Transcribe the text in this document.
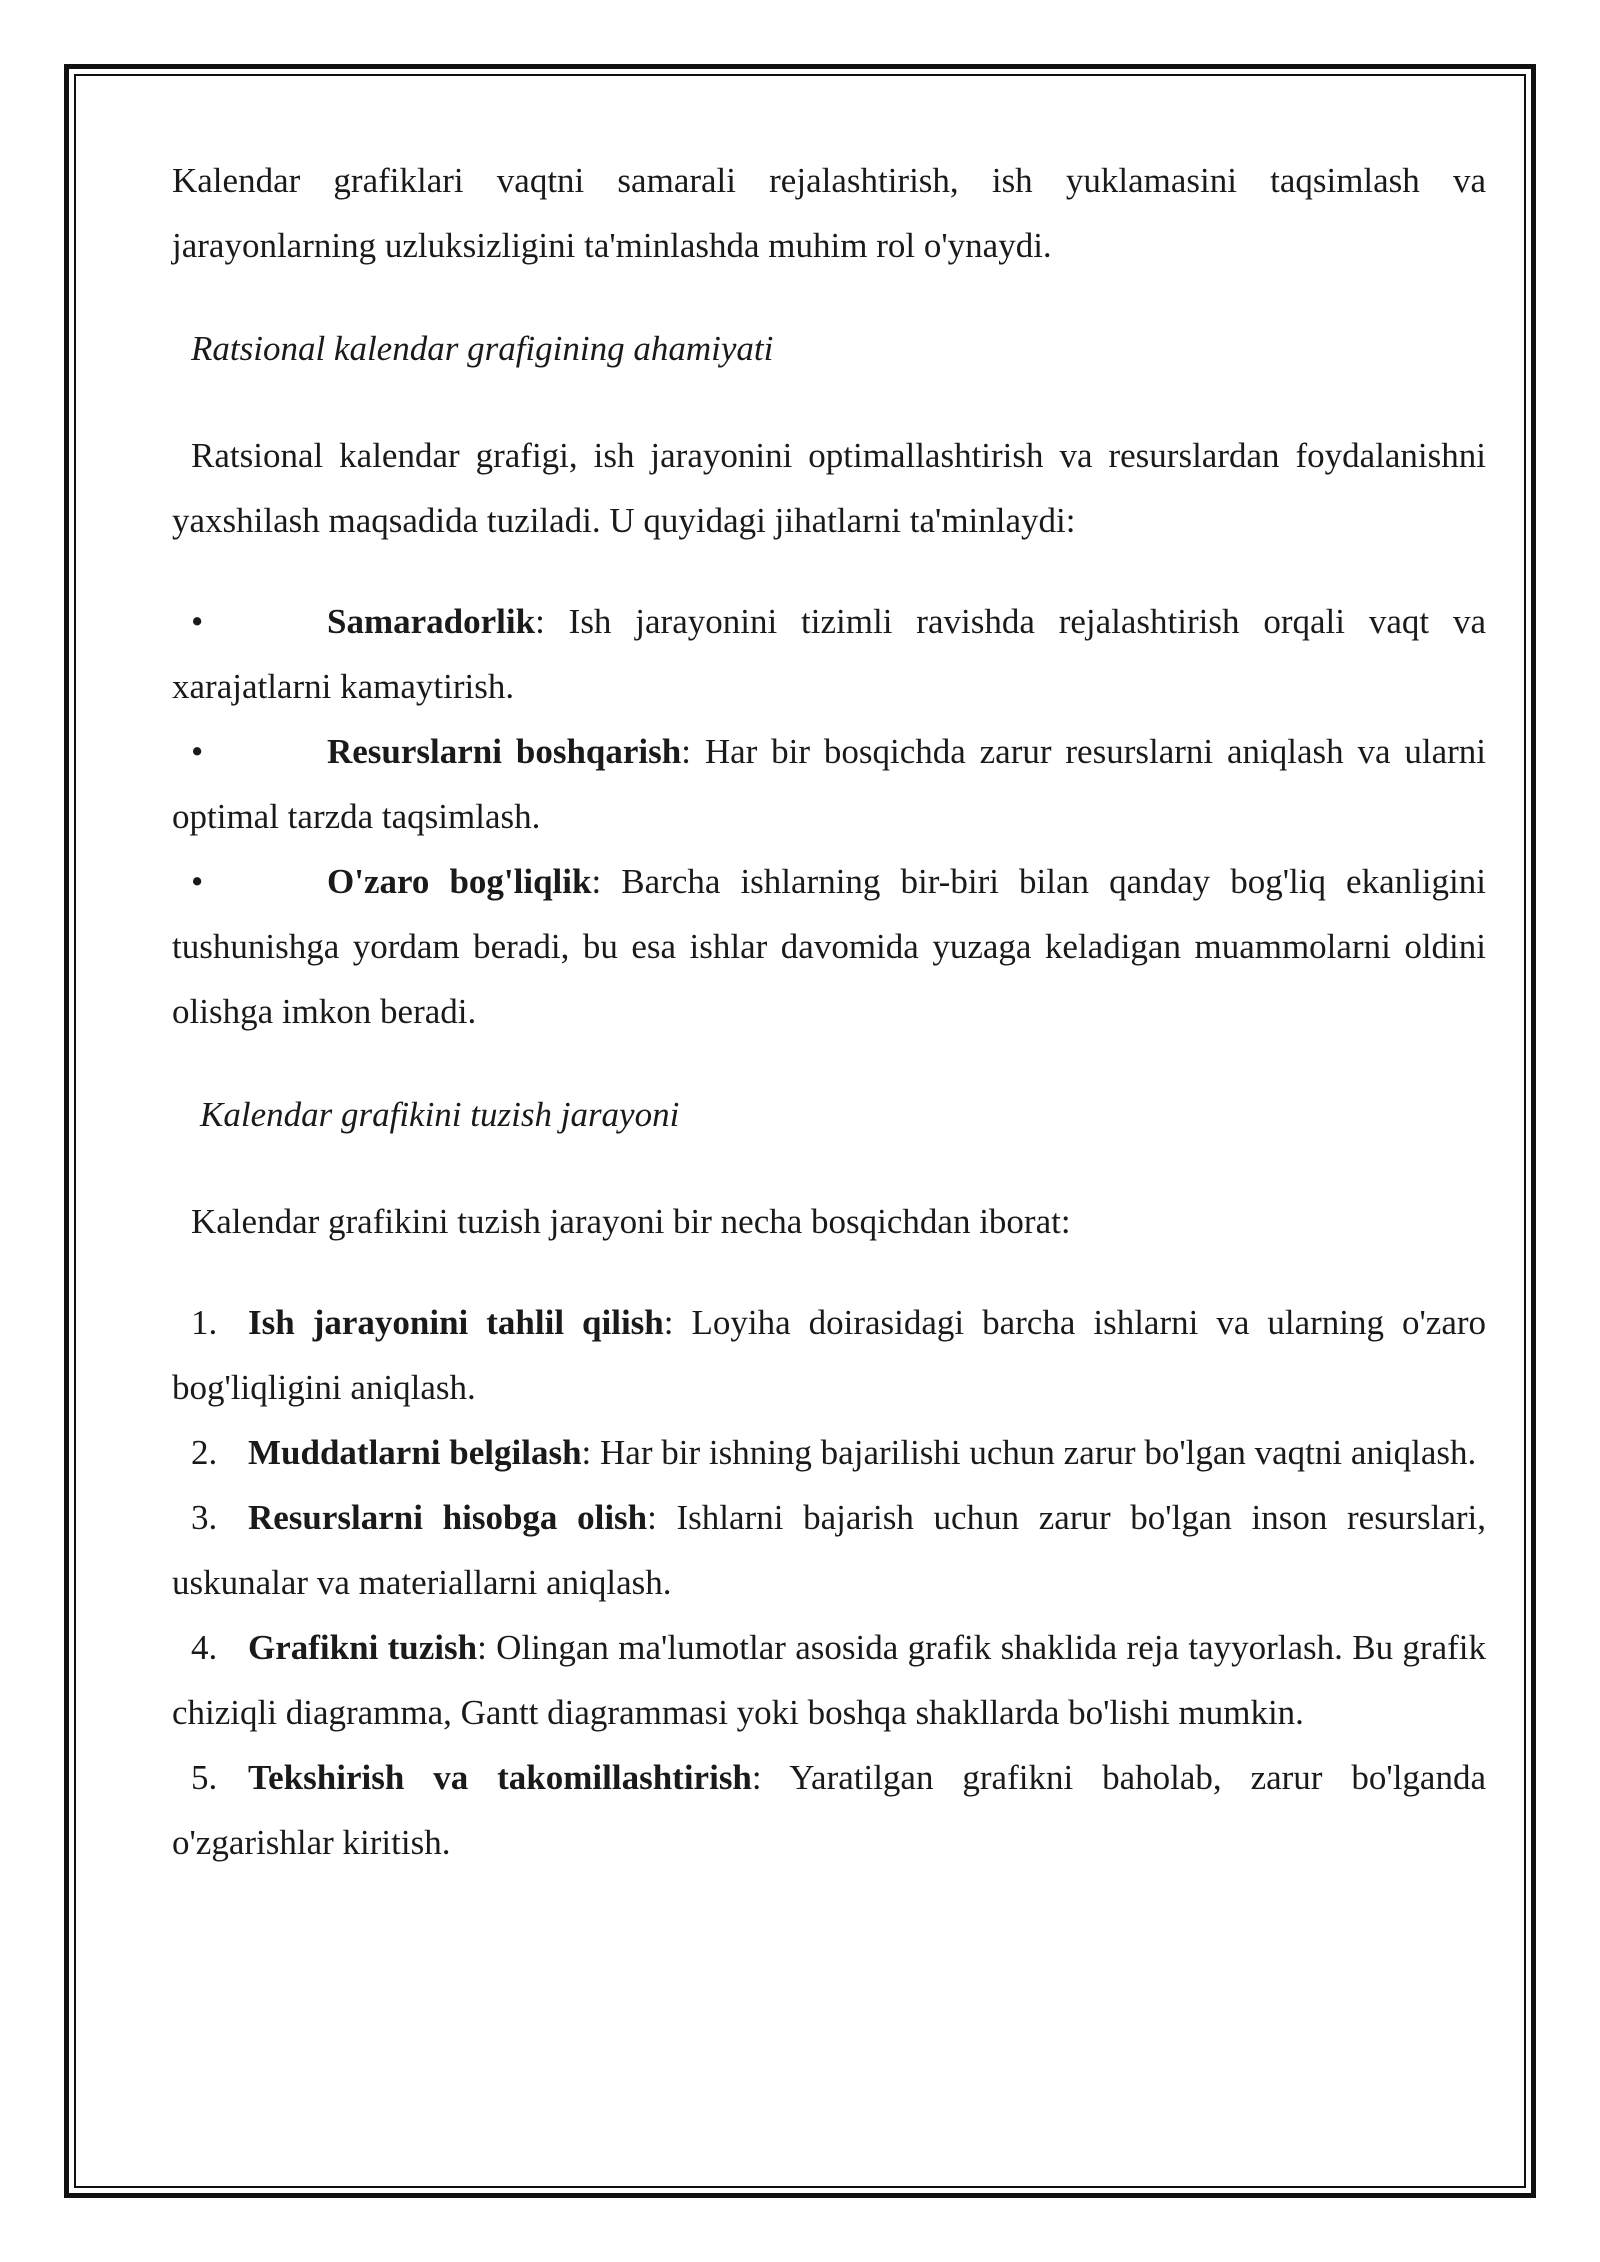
Kalendar grafiklari vaqtni samarali rejalashtirish, ish yuklamasini taqsimlash va jarayonlarning uzluksizligini ta'minlashda muhim rol o'ynaydi.

Ratsional kalendar grafigining ahamiyati

Ratsional kalendar grafigi, ish jarayonini optimallashtirish va resurslardan foydalanishni yaxshilash maqsadida tuziladi. U quyidagi jihatlarni ta'minlaydi:

•	Samaradorlik: Ish jarayonini tizimli ravishda rejalashtirish orqali vaqt va xarajatlarni kamaytirish.

•	Resurslarni boshqarish: Har bir bosqichda zarur resurslarni aniqlash va ularni optimal tarzda taqsimlash.

•	O'zaro bog'liqlik: Barcha ishlarning bir-biri bilan qanday bog'liq ekanligini tushunishga yordam beradi, bu esa ishlar davomida yuzaga keladigan muammolarni oldini olishga imkon beradi.

Kalendar grafikini tuzish jarayoni

Kalendar grafikini tuzish jarayoni bir necha bosqichdan iborat:

1. Ish jarayonini tahlil qilish: Loyiha doirasidagi barcha ishlarni va ularning o'zaro bog'liqligini aniqlash.

2. Muddatlarni belgilash: Har bir ishning bajarilishi uchun zarur bo'lgan vaqtni aniqlash.

3. Resurslarni hisobga olish: Ishlarni bajarish uchun zarur bo'lgan inson resurslari, uskunalar va materiallarni aniqlash.

4. Grafikni tuzish: Olingan ma'lumotlar asosida grafik shaklida reja tayyorlash. Bu grafik chiziqli diagramma, Gantt diagrammasi yoki boshqa shakllarda bo'lishi mumkin.

5. Tekshirish va takomillashtirish: Yaratilgan grafikni baholab, zarur bo'lganda o'zgarishlar kiritish.
